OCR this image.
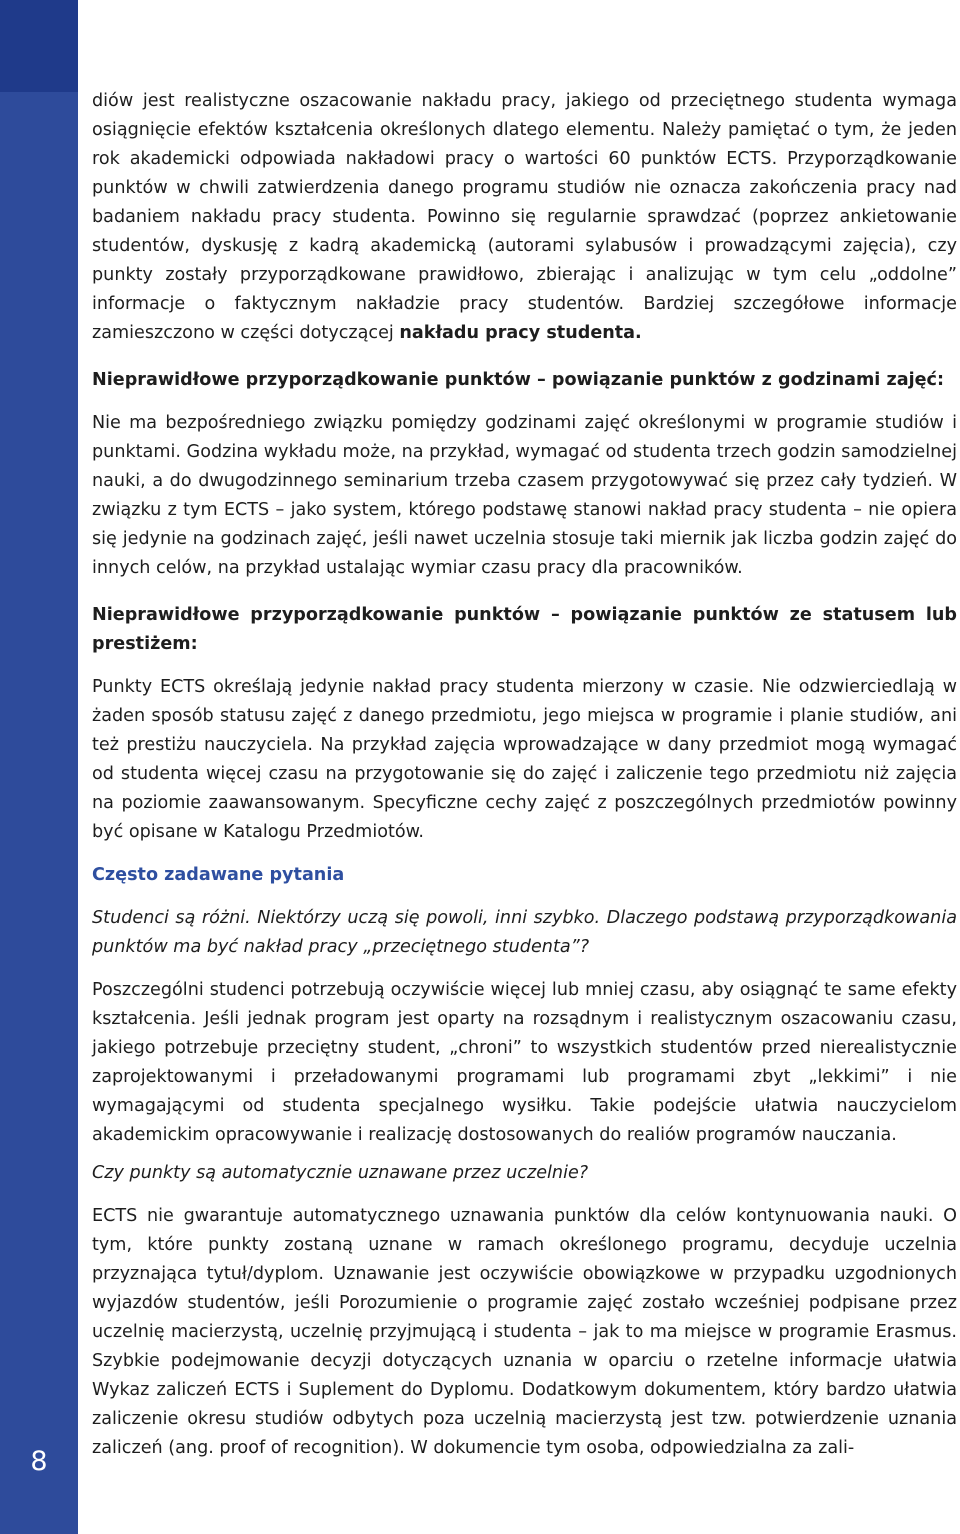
8

diów jest realistyczne oszacowanie nakładu pracy, jakiego od przeciętnego studenta wymaga osiągnięcie efektów kształcenia określonych dlatego elementu. Należy pamiętać o tym, że jeden rok akademicki odpowiada nakładowi pracy o wartości 60 punktów ECTS. Przyporządkowanie punktów w chwili zatwierdzenia danego programu studiów nie oznacza zakończenia pracy nad badaniem nakładu pracy studenta. Powinno się regularnie sprawdzać (poprzez ankietowanie studentów, dyskusję z kadrą akademicką (autorami sylabusów i prowadzącymi zajęcia), czy punkty zostały przyporządkowane prawidłowo, zbierając i analizując w tym celu „oddolne” informacje o faktycznym nakładzie pracy studentów. Bardziej szczegółowe informacje zamieszczono w części dotyczącej nakładu pracy studenta.

Nieprawidłowe przyporządkowanie punktów – powiązanie punktów z godzinami zajęć:

Nie ma bezpośredniego związku pomiędzy godzinami zajęć określonymi w programie studiów i punktami. Godzina wykładu może, na przykład, wymagać od studenta trzech godzin samodzielnej nauki, a do dwugodzinnego seminarium trzeba czasem przygotowywać się przez cały tydzień. W związku z tym ECTS – jako system, którego podstawę stanowi nakład pracy studenta – nie opiera się jedynie na godzinach zajęć, jeśli nawet uczelnia stosuje taki miernik jak liczba godzin zajęć do innych celów, na przykład ustalając wymiar czasu pracy dla pracowników.

Nieprawidłowe przyporządkowanie punktów – powiązanie punktów ze statusem lub prestiżem:

Punkty ECTS określają jedynie nakład pracy studenta mierzony w czasie. Nie odzwierciedlają w żaden sposób statusu zajęć z danego przedmiotu, jego miejsca w programie i planie studiów, ani też prestiżu nauczyciela. Na przykład zajęcia wprowadzające w dany przedmiot mogą wymagać od studenta więcej czasu na przygotowanie się do zajęć i zaliczenie tego przedmiotu niż zajęcia na poziomie zaawansowanym. Specyficzne cechy zajęć z poszczególnych przedmiotów powinny być opisane w Katalogu Przedmiotów.

Często zadawane pytania

Studenci są różni. Niektórzy uczą się powoli, inni szybko. Dlaczego podstawą przyporządkowania punktów ma być nakład pracy „przeciętnego studenta”?

Poszczególni studenci potrzebują oczywiście więcej lub mniej czasu, aby osiągnąć te same efekty kształcenia. Jeśli jednak program jest oparty na rozsądnym i realistycznym oszacowaniu czasu, jakiego potrzebuje przeciętny student, „chroni” to wszystkich studentów przed nierealistycznie zaprojektowanymi i przeładowanymi programami lub programami zbyt „lekkimi” i nie wymagającymi od studenta specjalnego wysiłku. Takie podejście ułatwia nauczycielom akademickim opracowywanie i realizację dostosowanych do realiów programów nauczania.

Czy punkty są automatycznie uznawane przez uczelnie?

ECTS nie gwarantuje automatycznego uznawania punktów dla celów kontynuowania nauki. O tym, które punkty zostaną uznane w ramach określonego programu, decyduje uczelnia przyznająca tytuł/dyplom. Uznawanie jest oczywiście obowiązkowe w przypadku uzgodnionych wyjazdów studentów, jeśli Porozumienie o programie zajęć zostało wcześniej podpisane przez uczelnię macierzystą, uczelnię przyjmującą i studenta – jak to ma miejsce w programie Erasmus. Szybkie podejmowanie decyzji dotyczących uznania w oparciu o rzetelne informacje ułatwia Wykaz zaliczeń ECTS i Suplement do Dyplomu. Dodatkowym dokumentem, który bardzo ułatwia zaliczenie okresu studiów odbytych poza uczelnią macierzystą jest tzw. potwierdzenie uznania zaliczeń (ang. proof of recognition). W dokumencie tym osoba, odpowiedzialna za zali-
